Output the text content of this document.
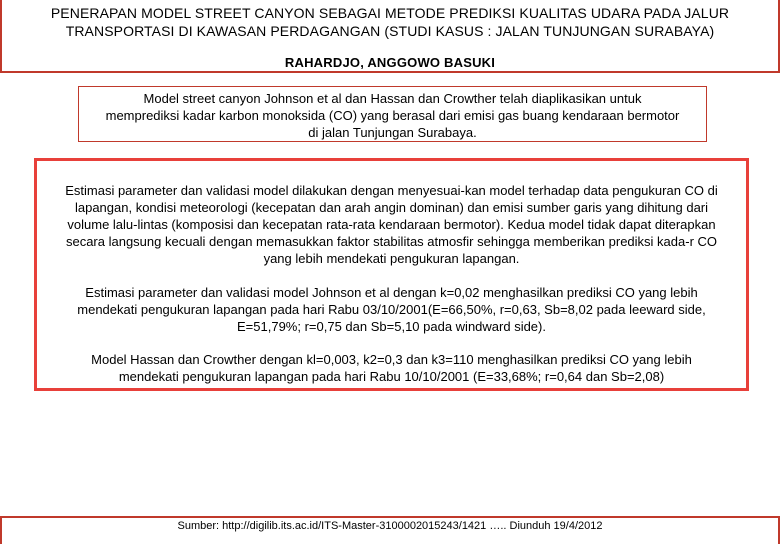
PENERAPAN MODEL STREET CANYON SEBAGAI METODE PREDIKSI KUALITAS UDARA PADA JALUR
TRANSPORTASI DI KAWASAN PERDAGANGAN (STUDI KASUS : JALAN TUNJUNGAN SURABAYA)
RAHARDJO, ANGGOWO BASUKI
Model street canyon Johnson et al dan Hassan dan Crowther telah diaplikasikan untuk
memprediksi kadar karbon monoksida (CO) yang berasal dari emisi gas buang kendaraan bermotor
di jalan Tunjungan Surabaya.
Estimasi parameter dan validasi model dilakukan dengan menyesuai-kan model terhadap data pengukuran CO di
lapangan, kondisi meteorologi (kecepatan dan arah angin dominan) dan emisi sumber garis yang dihitung dari
volume lalu-lintas (komposisi dan kecepatan rata-rata kendaraan bermotor). Kedua model tidak dapat diterapkan
secara langsung kecuali dengan memasukkan faktor stabilitas atmosfir sehingga memberikan prediksi kada-r CO
yang lebih mendekati pengukuran lapangan.
Estimasi parameter dan validasi model Johnson et al dengan k=0,02 menghasilkan prediksi CO yang lebih
mendekati pengukuran lapangan pada hari Rabu 03/10/2001(E=66,50%, r=0,63, Sb=8,02 pada leeward side,
E=51,79%; r=0,75 dan Sb=5,10 pada windward side).
Model Hassan dan Crowther dengan kl=0,003, k2=0,3 dan k3=110 menghasilkan prediksi CO yang lebih
mendekati pengukuran lapangan pada hari Rabu 10/10/2001 (E=33,68%; r=0,64 dan Sb=2,08)
Sumber: http://digilib.its.ac.id/ITS-Master-3100002015243/1421 ….. Diunduh 19/4/2012
